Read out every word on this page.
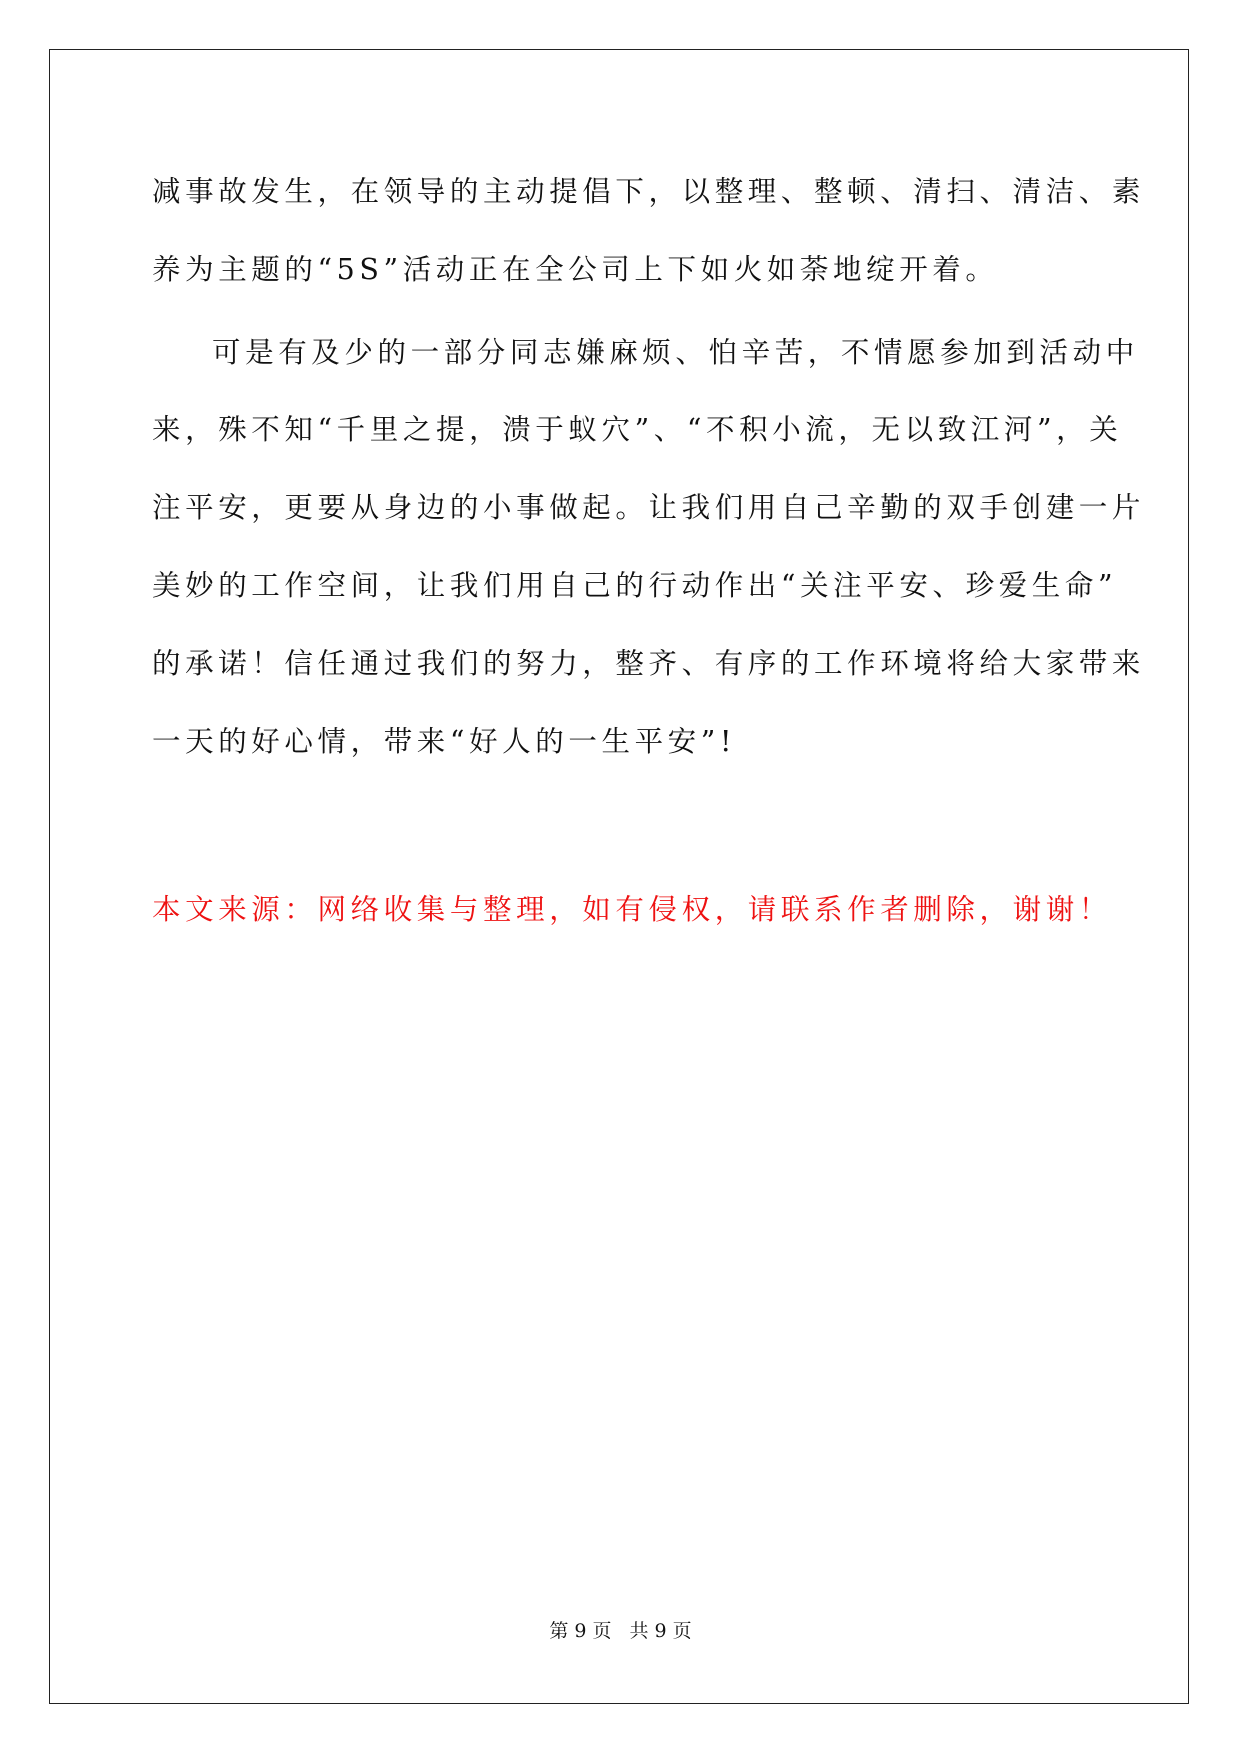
减事故发生，在领导的主动提倡下，以整理、整顿、清扫、清洁、素

养为主题的“5S”活动正在全公司上下如火如荼地绽开着。

可是有及少的一部分同志嫌麻烦、怕辛苦，不情愿参加到活动中

来，殊不知“千里之提，溃于蚁穴”、“不积小流，无以致江河”，关

注平安，更要从身边的小事做起。让我们用自己辛勤的双手创建一片

美妙的工作空间，让我们用自己的行动作出“关注平安、珍爱生命”

的承诺！信任通过我们的努力，整齐、有序的工作环境将给大家带来

一天的好心情，带来“好人的一生平安”!

本文来源：网络收集与整理，如有侵权，请联系作者删除，谢谢！

第 9 页 共 9 页
